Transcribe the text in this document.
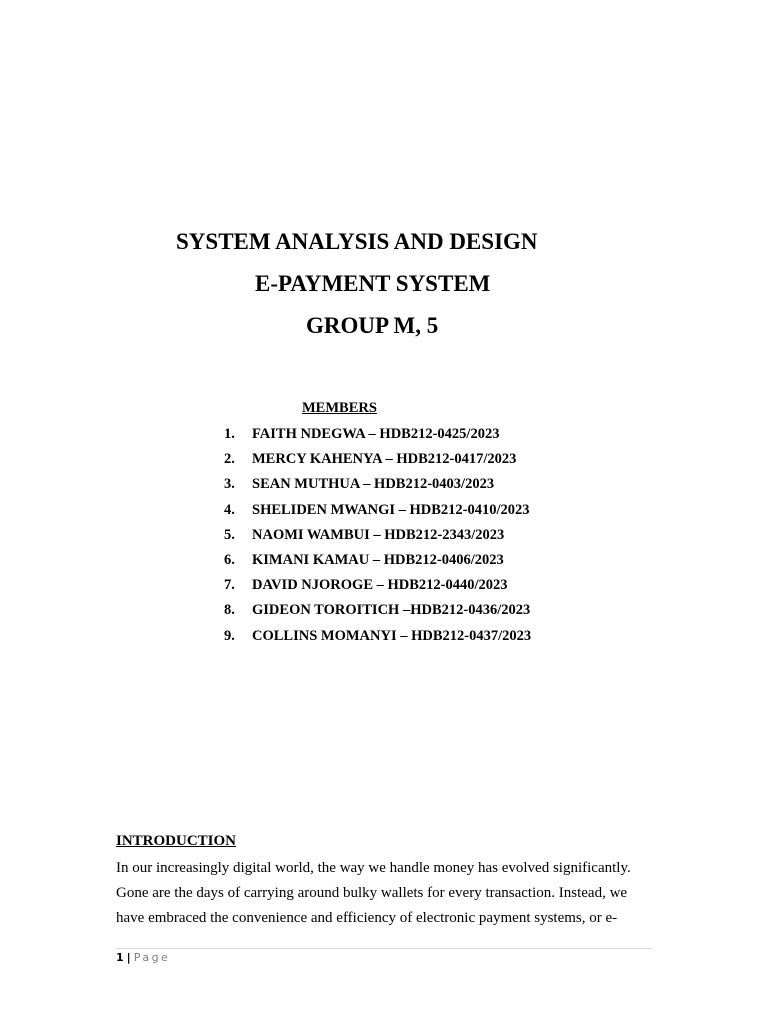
SYSTEM ANALYSIS AND DESIGN
E-PAYMENT SYSTEM
GROUP M, 5
MEMBERS
1.	FAITH NDEGWA – HDB212-0425/2023
2.	MERCY KAHENYA – HDB212-0417/2023
3.	SEAN MUTHUA – HDB212-0403/2023
4.	SHELIDEN MWANGI – HDB212-0410/2023
5.	NAOMI WAMBUI – HDB212-2343/2023
6.	KIMANI KAMAU – HDB212-0406/2023
7.	DAVID NJOROGE – HDB212-0440/2023
8.	GIDEON TOROITICH –HDB212-0436/2023
9.	COLLINS MOMANYI – HDB212-0437/2023
INTRODUCTION
In our increasingly digital world, the way we handle money has evolved significantly.
Gone are the days of carrying around bulky wallets for every transaction. Instead, we
have embraced the convenience and efficiency of electronic payment systems, or e-
1 | Page
